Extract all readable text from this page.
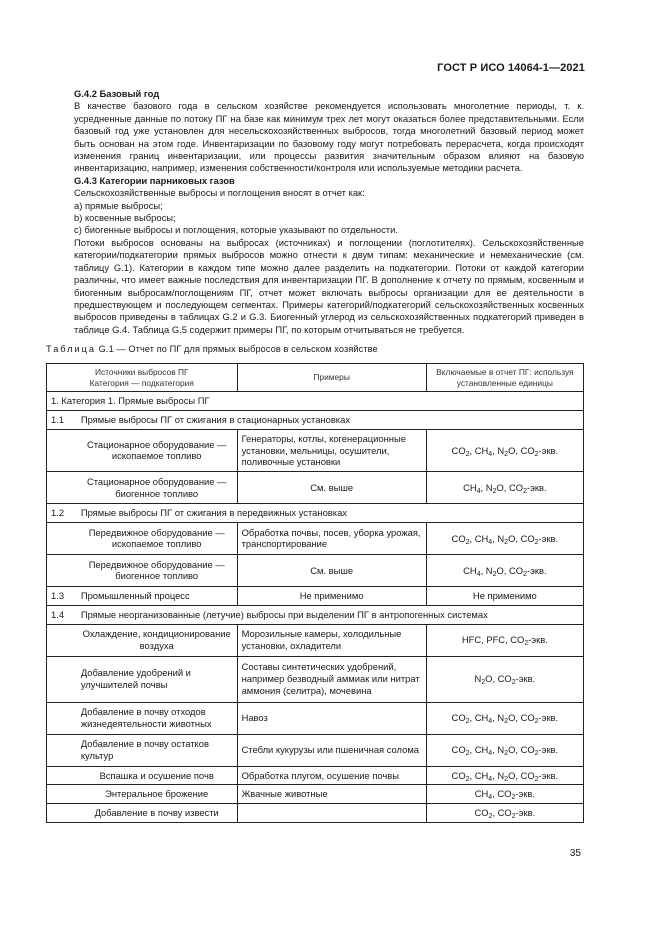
ГОСТ Р ИСО 14064-1—2021

G.4.2 Базовый год

В качестве базового года в сельском хозяйстве рекомендуется использовать многолетние периоды, т. к. усредненные данные по потоку ПГ на базе как минимум трех лет могут оказаться более представительными. Если базовый год уже установлен для несельскохозяйственных выбросов, тогда многолетний базовый период может быть основан на этом годе. Инвентаризации по базовому году могут потребовать перерасчета, когда происходят изменения границ инвентаризации, или процессы развития значительным образом влияют на базовую инвентаризацию, например, изменения собственности/контроля или используемые методики расчета.

G.4.3 Категории парниковых газов

Сельскохозяйственные выбросы и поглощения вносят в отчет как:

a) прямые выбросы;

b) косвенные выбросы;

c) биогенные выбросы и поглощения, которые указывают по отдельности.

Потоки выбросов основаны на выбросах (источниках) и поглощении (поглотителях). Сельскохозяйственные категории/подкатегории прямых выбросов можно отнести к двум типам: механические и немеханические (см. таблицу G.1). Категории в каждом типе можно далее разделить на подкатегории. Потоки от каждой категории различны, что имеет важные последствия для инвентаризации ПГ. В дополнение к отчету по прямым, косвенным и биогенным выбросам/поглощениям ПГ, отчет может включать выбросы организации для ее деятельности в предшествующем и последующем сегментах. Примеры категорий/подкатегорий сельскохозяйственных косвенных выбросов приведены в таблицах G.2 и G.3. Биогенный углерод из сельскохозяйственных подкатегорий приведен в таблице G.4. Таблица G.5 содержит примеры ПГ, по которым отчитываться не требуется.

Таблица G.1 — Отчет по ПГ для прямых выбросов в сельском хозяйстве
Источники выбросов ПГ
Категория — подкатегория		Примеры	Включаемые в отчет ПГ: используя установленные единицы
1. Категория 1. Прямые выбросы ПГ			
1.1	Прямые выбросы ПГ от сжигания в стационарных установках		
	Стационарное оборудование — ископаемое топливо	Генераторы, котлы, когенерационные установки, мельницы, осушители, поливочные установки	$CO_2$, $CH_4$, $N_2O$, $CO_2$-экв.
	Стационарное оборудование — биогенное топливо	См. выше	$CH_4$, $N_2O$, $CO_2$-экв.
1.2	Прямые выбросы ПГ от сжигания в передвижных установках		
	Передвижное оборудование — ископаемое топливо	Обработка почвы, посев, уборка урожая, транспортирование	$CO_2$, $CH_4$, $N_2O$, $CO_2$-экв.
	Передвижное оборудование — биогенное топливо	См. выше	$CH_4$, $N_2O$, $CO_2$-экв.
1.3	Промышленный процесс	Не применимо	Не применимо
1.4	Прямые неорганизованные (летучие) выбросы при выделении ПГ в антропогенных системах		
	Охлаждение, кондиционирование воздуха	Морозильные камеры, холодильные установки, охладители	HFC, PFC, $CO_2$-экв.
	Добавление удобрений и улучшителей почвы	Составы синтетических удобрений, например безводный аммиак или нитрат аммония (селитра), мочевина	$N_2O$, $CO_2$-экв.
	Добавление в почву отходов жизнедеятельности животных	Навоз	$CO_2$, $CH_4$, $N_2O$, $CO_2$-экв.
	Добавление в почву остатков культур	Стебли кукурузы или пшеничная солома	$CO_2$, $CH_4$, $N_2O$, $CO_2$-экв.
	Вспашка и осушение почв	Обработка плугом, осушение почвы	$CO_2$, $CH_4$, $N_2O$, $CO_2$-экв.
	Энтеральное брожение	Жвачные животные	$CH_4$, $CO_2$-экв.
	Добавление в почву извести		$CO_2$, $CO_2$-экв.
35
